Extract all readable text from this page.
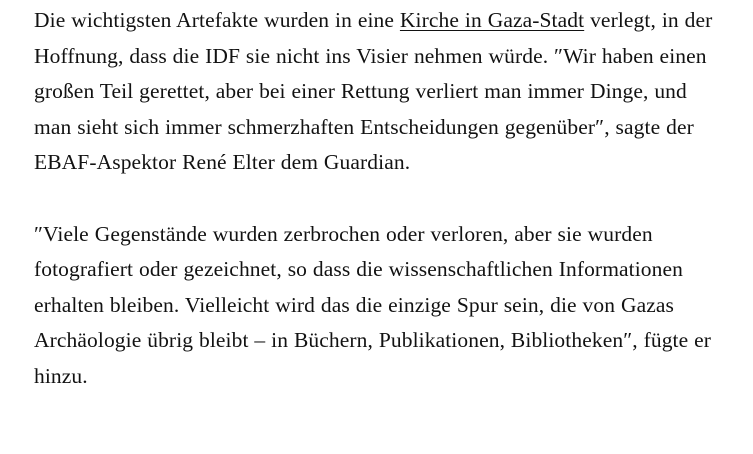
Die wichtigsten Artefakte wurden in eine Kirche in Gaza-Stadt verlegt, in der Hoffnung, dass die IDF sie nicht ins Visier nehmen würde. ″Wir haben einen großen Teil gerettet, aber bei einer Rettung verliert man immer Dinge, und man sieht sich immer schmerzhaften Entscheidungen gegenüber″, sagte der EBAF-Aspektor René Elter dem Guardian.

″Viele Gegenstände wurden zerbrochen oder verloren, aber sie wurden fotografiert oder gezeichnet, so dass die wissenschaftlichen Informationen erhalten bleiben. Vielleicht wird das die einzige Spur sein, die von Gazas Archäologie übrig bleibt – in Büchern, Publikationen, Bibliotheken″, fügte er hinzu.
